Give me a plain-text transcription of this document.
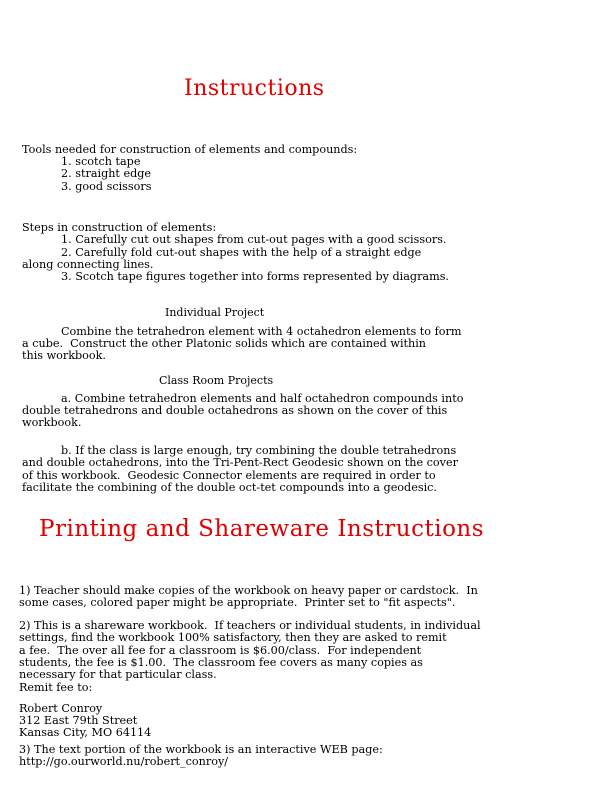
Instructions
Tools needed for construction of elements and compounds:
1. scotch tape
2. straight edge
3. good scissors
Steps in construction of elements:
1. Carefully cut out shapes from cut-out pages with a good scissors.
2. Carefully fold cut-out shapes with the help of a straight edge
along connecting lines.
3. Scotch tape figures together into forms represented by diagrams.
Individual Project
Combine the tetrahedron element with 4 octahedron elements to form
a cube.  Construct the other Platonic solids which are contained within
this workbook.
Class Room Projects
a. Combine tetrahedron elements and half octahedron compounds into
double tetrahedrons and double octahedrons as shown on the cover of this
workbook.
b. If the class is large enough, try combining the double tetrahedrons
and double octahedrons, into the Tri-Pent-Rect Geodesic shown on the cover
of this workbook.  Geodesic Connector elements are required in order to
facilitate the combining of the double oct-tet compounds into a geodesic.
Printing and Shareware Instructions
1) Teacher should make copies of the workbook on heavy paper or cardstock.  In
some cases, colored paper might be appropriate.  Printer set to "fit aspects".
2) This is a shareware workbook.  If teachers or individual students, in individual
settings, find the workbook 100% satisfactory, then they are asked to remit
a fee.  The over all fee for a classroom is $6.00/class.  For independent
students, the fee is $1.00.  The classroom fee covers as many copies as
necessary for that particular class.
Remit fee to:
Robert Conroy
312 East 79th Street
Kansas City, MO 64114
3) The text portion of the workbook is an interactive WEB page:
http://go.ourworld.nu/robert_conroy/
